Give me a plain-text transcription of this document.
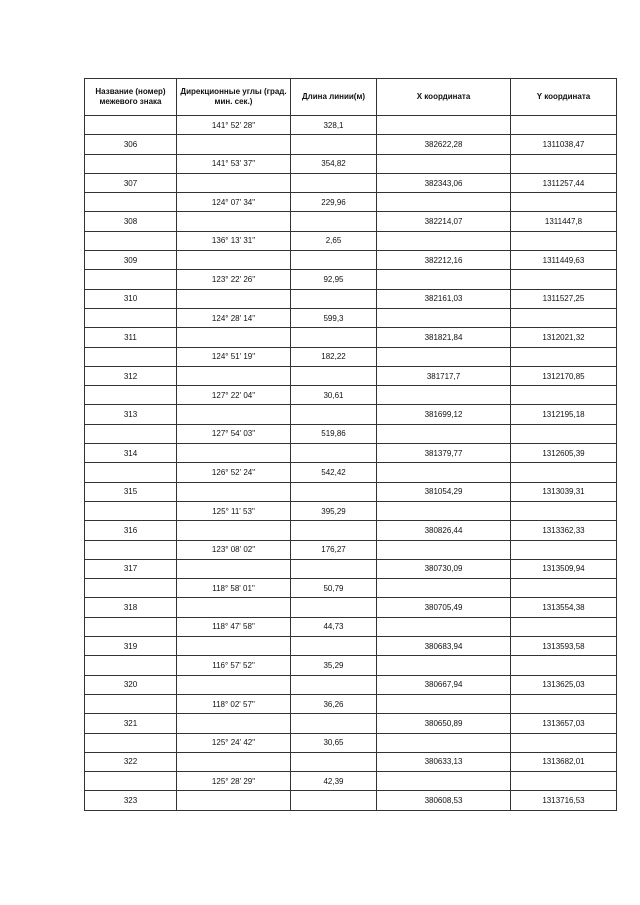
Название (номер) межевого знака	Дирекционные углы (град. мин. сек.)	Длина линии(м)	X координата	Y координата
	141° 52' 28"	328,1		
306			382622,28	1311038,47
	141° 53' 37"	354,82		
307			382343,06	1311257,44
	124° 07' 34"	229,96		
308			382214,07	1311447,8
	136° 13' 31"	2,65		
309			382212,16	1311449,63
	123° 22' 26"	92,95		
310			382161,03	1311527,25
	124° 28' 14"	599,3		
311			381821,84	1312021,32
	124° 51' 19"	182,22		
312			381717,7	1312170,85
	127° 22' 04"	30,61		
313			381699,12	1312195,18
	127° 54' 03"	519,86		
314			381379,77	1312605,39
	126° 52' 24"	542,42		
315			381054,29	1313039,31
	125° 11' 53"	395,29		
316			380826,44	1313362,33
	123° 08' 02"	176,27		
317			380730,09	1313509,94
	118° 58' 01"	50,79		
318			380705,49	1313554,38
	118° 47' 58"	44,73		
319			380683,94	1313593,58
	116° 57' 52"	35,29		
320			380667,94	1313625,03
	118° 02' 57"	36,26		
321			380650,89	1313657,03
	125° 24' 42"	30,65		
322			380633,13	1313682,01
	125° 28' 29"	42,39		
323			380608,53	1313716,53
